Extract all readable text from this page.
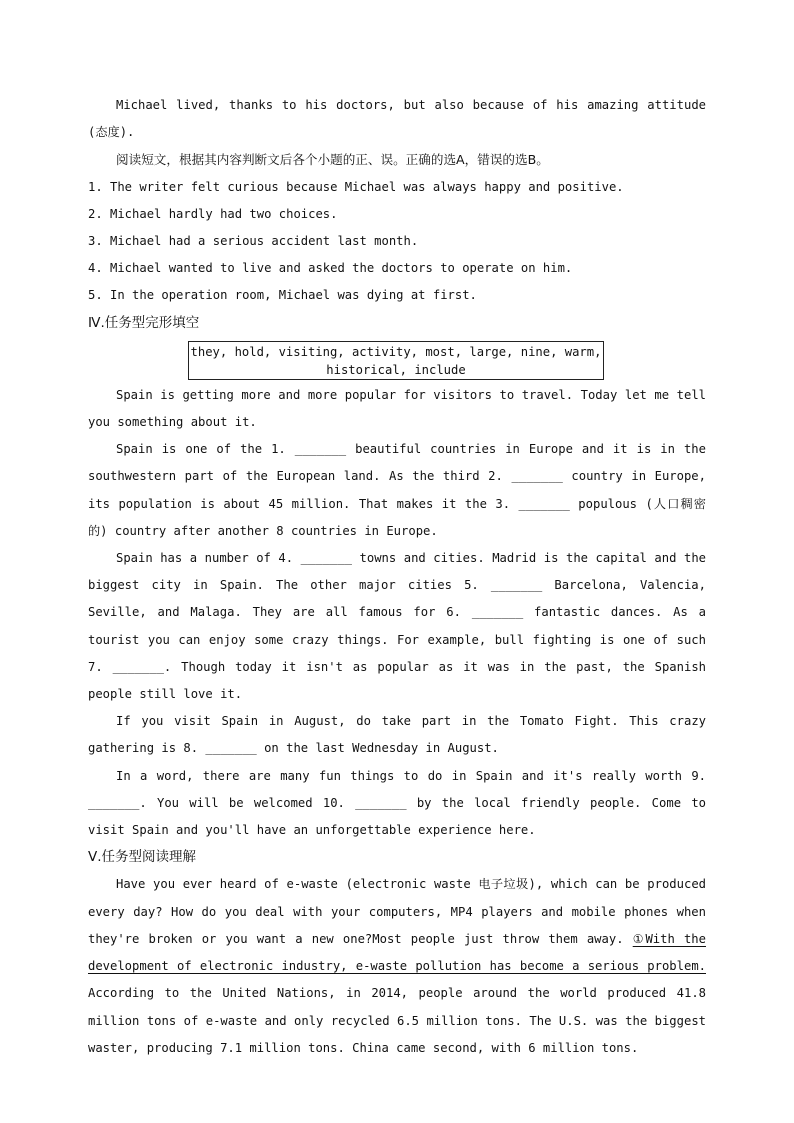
Michael lived, thanks to his doctors, but also because of his amazing attitude (态度).

阅读短文，根据其内容判断文后各个小题的正、误。正确的选A，错误的选B。

1. The writer felt curious because Michael was always happy and positive.

2. Michael hardly had two choices.

3. Michael had a serious accident last month.

4. Michael wanted to live and asked the doctors to operate on him.

5. In the operation room, Michael was dying at first.

Ⅳ.任务型完形填空
they, hold, visiting, activity, most, large, nine, warm,
historical, include

Spain is getting more and more popular for visitors to travel. Today let me tell you something about it.

Spain is one of the 1. _______ beautiful countries in Europe and it is in the southwestern part of the European land. As the third 2. _______ country in Europe, its population is about 45 million. That makes it the 3. _______ populous (人口稠密的) country after another 8 countries in Europe.

Spain has a number of 4. _______ towns and cities. Madrid is the capital and the biggest city in Spain. The other major cities 5. _______ Barcelona, Valencia, Seville, and Malaga. They are all famous for 6. _______ fantastic dances. As a tourist you can enjoy some crazy things. For example, bull fighting is one of such 7. _______. Though today it isn't as popular as it was in the past, the Spanish people still love it.

If you visit Spain in August, do take part in the Tomato Fight. This crazy gathering is 8. _______ on the last Wednesday in August.

In a word, there are many fun things to do in Spain and it's really worth 9. _______. You will be welcomed 10. _______ by the local friendly people. Come to visit Spain and you'll have an unforgettable experience here.

Ⅴ.任务型阅读理解

Have you ever heard of e-waste (electronic waste 电子垃圾), which can be produced every day? How do you deal with your computers, MP4 players and mobile phones when they're broken or you want a new one?Most people just throw them away. ①With the development of electronic industry, e-waste pollution has become a serious problem. According to the United Nations, in 2014, people around the world produced 41.8 million tons of e-waste and only recycled 6.5 million tons. The U.S. was the biggest waster, producing 7.1 million tons. China came second, with 6 million tons.
